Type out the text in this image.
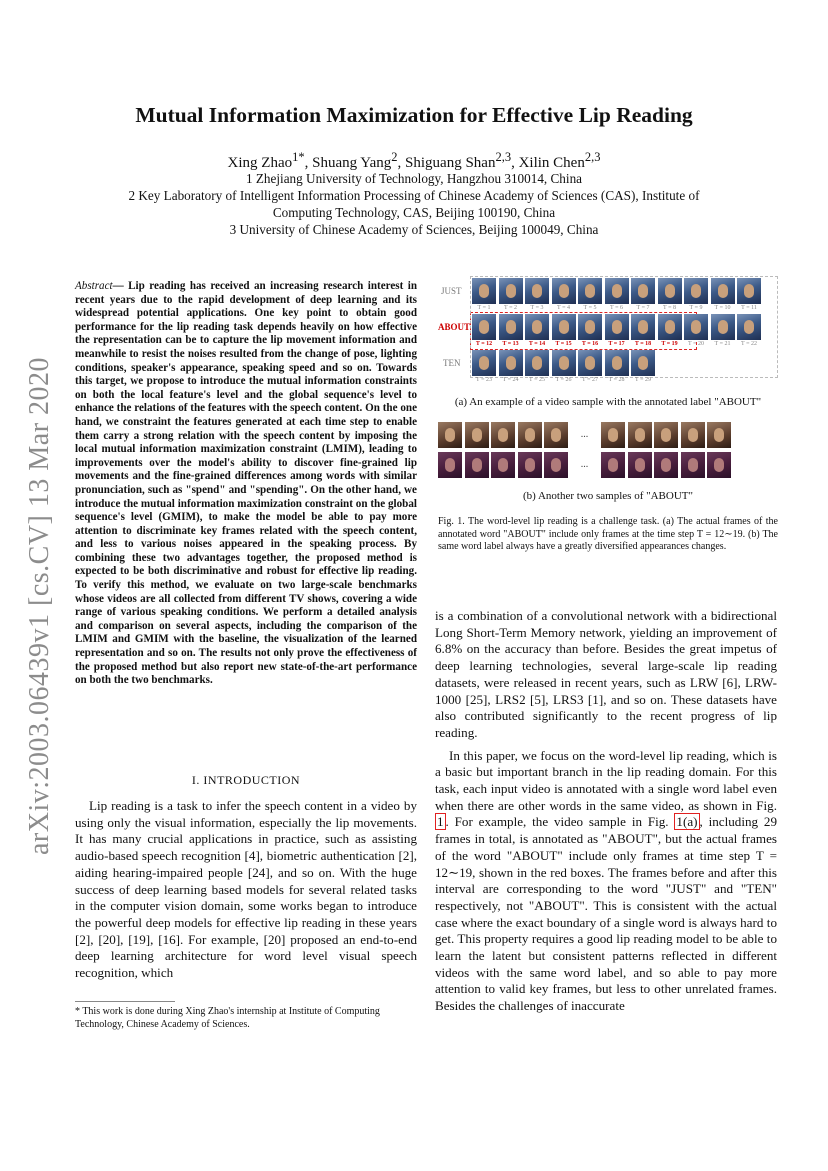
arXiv:2003.06439v1 [cs.CV] 13 Mar 2020
Mutual Information Maximization for Effective Lip Reading
Xing Zhao$^{1*}$, Shuang Yang$^2$, Shiguang Shan$^{2,3}$, Xilin Chen$^{2,3}$
1 Zhejiang University of Technology, Hangzhou 310014, China
2 Key Laboratory of Intelligent Information Processing of Chinese Academy of Sciences (CAS), Institute of
Computing Technology, CAS, Beijing 100190, China
3 University of Chinese Academy of Sciences, Beijing 100049, China
Abstract— Lip reading has received an increasing research interest in recent years due to the rapid development of deep learning and its widespread potential applications. One key point to obtain good performance for the lip reading task depends heavily on how effective the representation can be to capture the lip movement information and meanwhile to resist the noises resulted from the change of pose, lighting conditions, speaker's appearance, speaking speed and so on. Towards this target, we propose to introduce the mutual information constraints on both the local feature's level and the global sequence's level to enhance the relations of the features with the speech content. On the one hand, we constraint the features generated at each time step to enable them carry a strong relation with the speech content by imposing the local mutual information maximization constraint (LMIM), leading to improvements over the model's ability to discover fine-grained lip movements and the fine-grained differences among words with similar pronunciation, such as "spend" and "spending". On the other hand, we introduce the mutual information maximization constraint on the global sequence's level (GMIM), to make the model be able to pay more attention to discriminate key frames related with the speech content, and less to various noises appeared in the speaking process. By combining these two advantages together, the proposed method is expected to be both discriminative and robust for effective lip reading. To verify this method, we evaluate on two large-scale benchmarks whose videos are all collected from different TV shows, covering a wide range of various speaking conditions. We perform a detailed analysis and comparison on several aspects, including the comparison of the LMIM and GMIM with the baseline, the visualization of the learned representation and so on. The results not only prove the effectiveness of the proposed method but also report new state-of-the-art performance on both the two benchmarks.
I. INTRODUCTION

Lip reading is a task to infer the speech content in a video by using only the visual information, especially the lip movements. It has many crucial applications in practice, such as assisting audio-based speech recognition [4], biometric authentication [2], aiding hearing-impaired people [24], and so on. With the huge success of deep learning based models for several related tasks in the computer vision domain, some works began to introduce the powerful deep models for effective lip reading in these years [2], [20], [19], [16]. For example, [20] proposed an end-to-end deep learning architecture for word level visual speech recognition, which

* This work is done during Xing Zhao's internship at Institute of Computing Technology, Chinese Academy of Sciences.
JUST
ABOUT
TEN
T = 1	T = 2	T = 3	T = 4	T = 5	T = 6	T = 7	T = 8	T = 9	T = 10	T = 11
T = 12	T = 13	T = 14	T = 15	T = 16	T = 17	T = 18	T = 19	T = 20	T = 21	T = 22
T = 23	T = 24	T = 25	T = 26	T = 27	T = 28	T = 29
(a) An example of a video sample with the annotated label "ABOUT"
...
...
(b) Another two samples of "ABOUT"
Fig. 1. The word-level lip reading is a challenge task. (a) The actual frames of the annotated word "ABOUT" include only frames at the time step T = 12∼19. (b) The same word label always have a greatly diversified appearances changes.

is a combination of a convolutional network with a bidirectional Long Short-Term Memory network, yielding an improvement of 6.8% on the accuracy than before. Besides the great impetus of deep learning technologies, several large-scale lip reading datasets, were released in recent years, such as LRW [6], LRW-1000 [25], LRS2 [5], LRS3 [1], and so on. These datasets have also contributed significantly to the recent progress of lip reading.

In this paper, we focus on the word-level lip reading, which is a basic but important branch in the lip reading domain. For this task, each input video is annotated with a single word label even when there are other words in the same video, as shown in Fig. 1 . For example, the video sample in Fig. 1(a) , including 29 frames in total, is annotated as "ABOUT", but the actual frames of the word "ABOUT" include only frames at time step T = 12∼19, shown in the red boxes. The frames before and after this interval are corresponding to the word "JUST" and "TEN" respectively, not "ABOUT". This is consistent with the actual case where the exact boundary of a single word is always hard to get. This property requires a good lip reading model to be able to learn the latent but consistent patterns reflected in different videos with the same word label, and so able to pay more attention to valid key frames, but less to other unrelated frames. Besides the challenges of inaccurate
